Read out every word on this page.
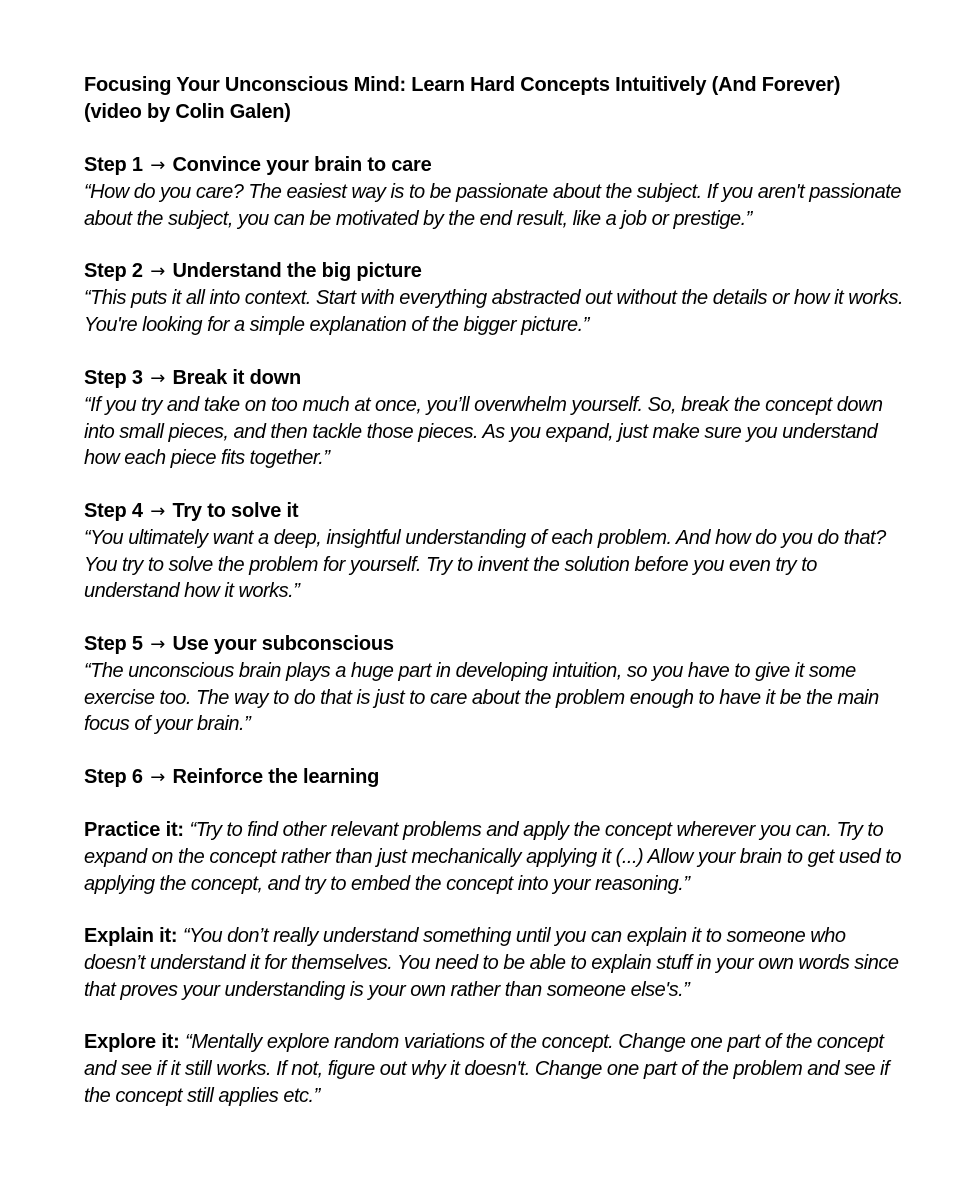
Focusing Your Unconscious Mind: Learn Hard Concepts Intuitively (And Forever)
(video by Colin Galen)

Step 1 → Convince your brain to care

“How do you care? The easiest way is to be passionate about the subject. If you aren't passionate about the subject, you can be motivated by the end result, like a job or prestige.”

Step 2 → Understand the big picture

“This puts it all into context. Start with everything abstracted out without the details or how it works. You're looking for a simple explanation of the bigger picture.”

Step 3 → Break it down

“If you try and take on too much at once, you’ll overwhelm yourself. So, break the concept down into small pieces, and then tackle those pieces. As you expand, just make sure you understand how each piece fits together.”

Step 4 → Try to solve it

“You ultimately want a deep, insightful understanding of each problem. And how do you do that? You try to solve the problem for yourself. Try to invent the solution before you even try to understand how it works.”

Step 5 → Use your subconscious

“The unconscious brain plays a huge part in developing intuition, so you have to give it some exercise too. The way to do that is just to care about the problem enough to have it be the main focus of your brain.”

Step 6 → Reinforce the learning

Practice it: “Try to find other relevant problems and apply the concept wherever you can. Try to expand on the concept rather than just mechanically applying it (...) Allow your brain to get used to applying the concept, and try to embed the concept into your reasoning.”

Explain it: “You don’t really understand something until you can explain it to someone who doesn’t understand it for themselves. You need to be able to explain stuff in your own words since that proves your understanding is your own rather than someone else's.”

Explore it: “Mentally explore random variations of the concept. Change one part of the concept and see if it still works. If not, figure out why it doesn't. Change one part of the problem and see if the concept still applies etc.”
